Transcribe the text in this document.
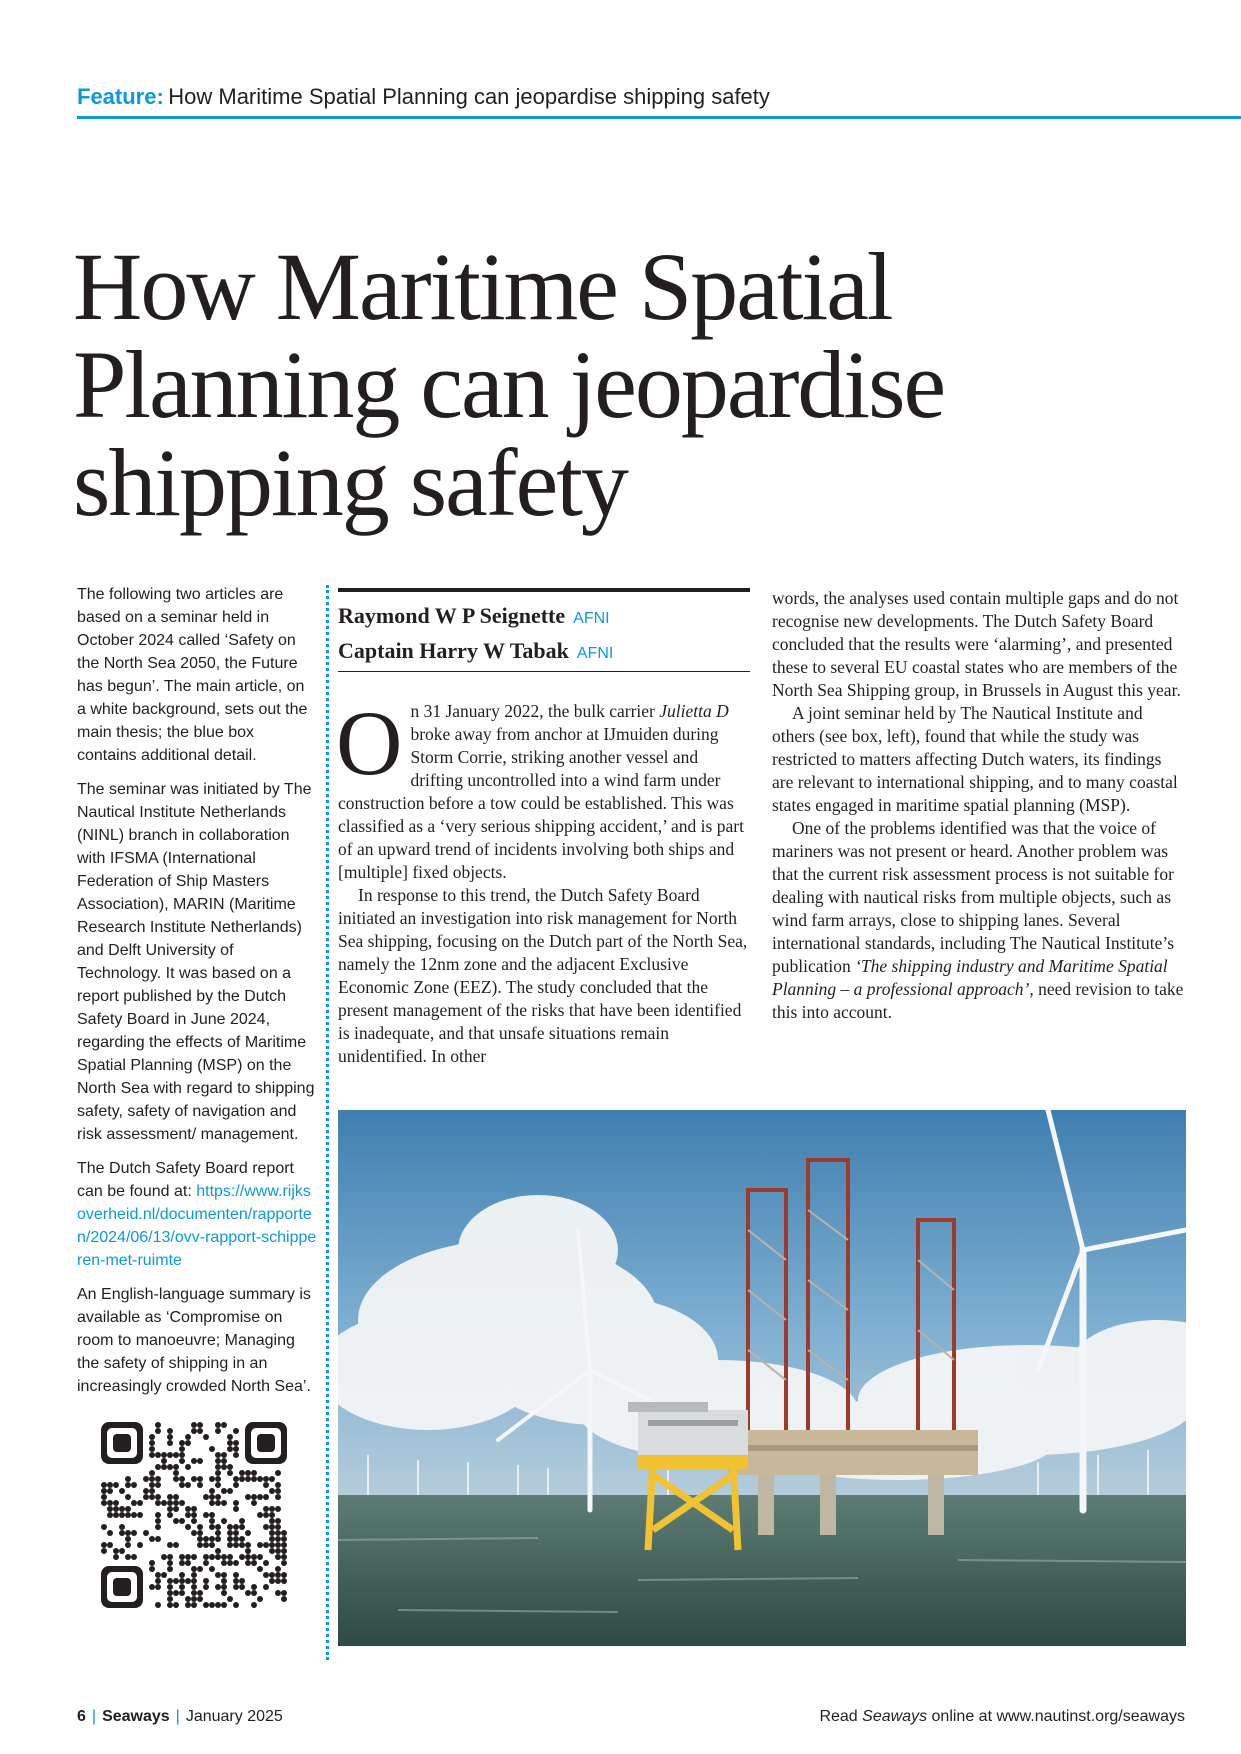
Feature: How Maritime Spatial Planning can jeopardise shipping safety
How Maritime Spatial Planning can jeopardise shipping safety

The following two articles are based on a seminar held in October 2024 called ‘Safety on the North Sea 2050, the Future has begun’. The main article, on a white background, sets out the main thesis; the blue box contains additional detail.

The seminar was initiated by The Nautical Institute Netherlands (NINL) branch in collaboration with IFSMA (International Federation of Ship Masters Association), MARIN (Maritime Research Institute Netherlands) and Delft University of Technology. It was based on a report published by the Dutch Safety Board in June 2024, regarding the effects of Maritime Spatial Planning (MSP) on the North Sea with regard to shipping safety, safety of navigation and risk assessment/ management.

The Dutch Safety Board report can be found at: https://www.rijksoverheid.nl/documenten/rapporten/2024/06/13/ovv-rapport-schipperen-met-ruimte

An English-language summary is available as ‘Compromise on room to manoeuvre; Managing the safety of shipping in an increasingly crowded North Sea’.

Raymond W P Seignette AFNI
Captain Harry W Tabak AFNI

On 31 January 2022, the bulk carrier Julietta D broke away from anchor at IJmuiden during Storm Corrie, striking another vessel and drifting uncontrolled into a wind farm under construction before a tow could be established. This was classified as a ‘very serious shipping accident,’ and is part of an upward trend of incidents involving both ships and [multiple] fixed objects.

In response to this trend, the Dutch Safety Board initiated an investigation into risk management for North Sea shipping, focusing on the Dutch part of the North Sea, namely the 12nm zone and the adjacent Exclusive Economic Zone (EEZ). The study concluded that the present management of the risks that have been identified is inadequate, and that unsafe situations remain unidentified. In other

words, the analyses used contain multiple gaps and do not recognise new developments. The Dutch Safety Board concluded that the results were ‘alarming’, and presented these to several EU coastal states who are members of the North Sea Shipping group, in Brussels in August this year.

A joint seminar held by The Nautical Institute and others (see box, left), found that while the study was restricted to matters affecting Dutch waters, its findings are relevant to international shipping, and to many coastal states engaged in maritime spatial planning (MSP).

One of the problems identified was that the voice of mariners was not present or heard. Another problem was that the current risk assessment process is not suitable for dealing with nautical risks from multiple objects, such as wind farm arrays, close to shipping lanes. Several international standards, including The Nautical Institute’s publication ‘The shipping industry and Maritime Spatial Planning – a professional approach’, need revision to take this into account.

6 | Seaways | January 2025	Read Seaways online at www.nautinst.org/seaways
